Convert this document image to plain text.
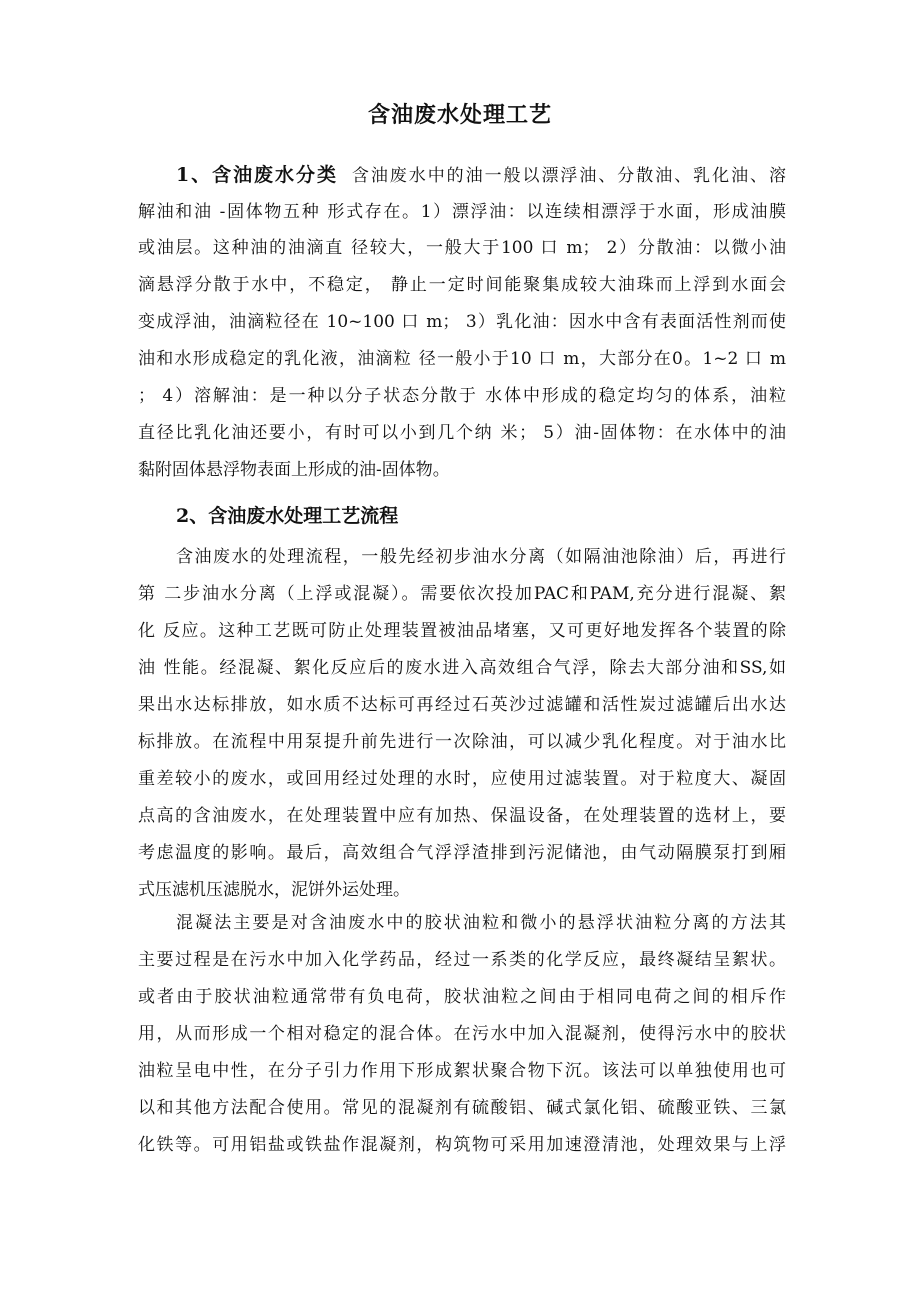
含油废水处理工艺
1、含油废水分类 含油废水中的油一般以漂浮油、分散油、乳化油、溶
解油和油 -固体物五种 形式存在。1）漂浮油：以连续相漂浮于水面，形成油膜
或油层。这种油的油滴直 径较大，一般大于100 口 m； 2）分散油：以微小油
滴悬浮分散于水中，不稳定， 静止一定时间能聚集成较大油珠而上浮到水面会
变成浮油，油滴粒径在 10~100 口 m； 3）乳化油：因水中含有表面活性剂而使
油和水形成稳定的乳化液，油滴粒 径一般小于10 口 m，大部分在0。1~2 口 m
； 4）溶解油：是一种以分子状态分散于 水体中形成的稳定均匀的体系，油粒
直径比乳化油还要小，有时可以小到几个纳 米； 5）油-固体物：在水体中的油
黏附固体悬浮物表面上形成的油-固体物。
2、含油废水处理工艺流程
含油废水的处理流程，一般先经初步油水分离（如隔油池除油）后，再进行
第 二步油水分离（上浮或混凝）。需要依次投加PAC和PAM,充分进行混凝、絮
化 反应。这种工艺既可防止处理装置被油品堵塞，又可更好地发挥各个装置的除
油 性能。经混凝、絮化反应后的废水进入高效组合气浮，除去大部分油和SS,如
果出水达标排放，如水质不达标可再经过石英沙过滤罐和活性炭过滤罐后出水达
标排放。在流程中用泵提升前先进行一次除油，可以减少乳化程度。对于油水比
重差较小的废水，或回用经过处理的水时，应使用过滤装置。对于粒度大、凝固
点高的含油废水，在处理装置中应有加热、保温设备，在处理装置的选材上，要
考虑温度的影响。最后，高效组合气浮浮渣排到污泥储池，由气动隔膜泵打到厢
式压滤机压滤脱水，泥饼外运处理。
混凝法主要是对含油废水中的胶状油粒和微小的悬浮状油粒分离的方法其
主要过程是在污水中加入化学药品，经过一系类的化学反应，最终凝结呈絮状。
或者由于胶状油粒通常带有负电荷，胶状油粒之间由于相同电荷之间的相斥作
用，从而形成一个相对稳定的混合体。在污水中加入混凝剂，使得污水中的胶状
油粒呈电中性，在分子引力作用下形成絮状聚合物下沉。该法可以单独使用也可
以和其他方法配合使用。常见的混凝剂有硫酸铝、碱式氯化铝、硫酸亚铁、三氯
化铁等。可用铝盐或铁盐作混凝剂，构筑物可采用加速澄清池，处理效果与上浮
